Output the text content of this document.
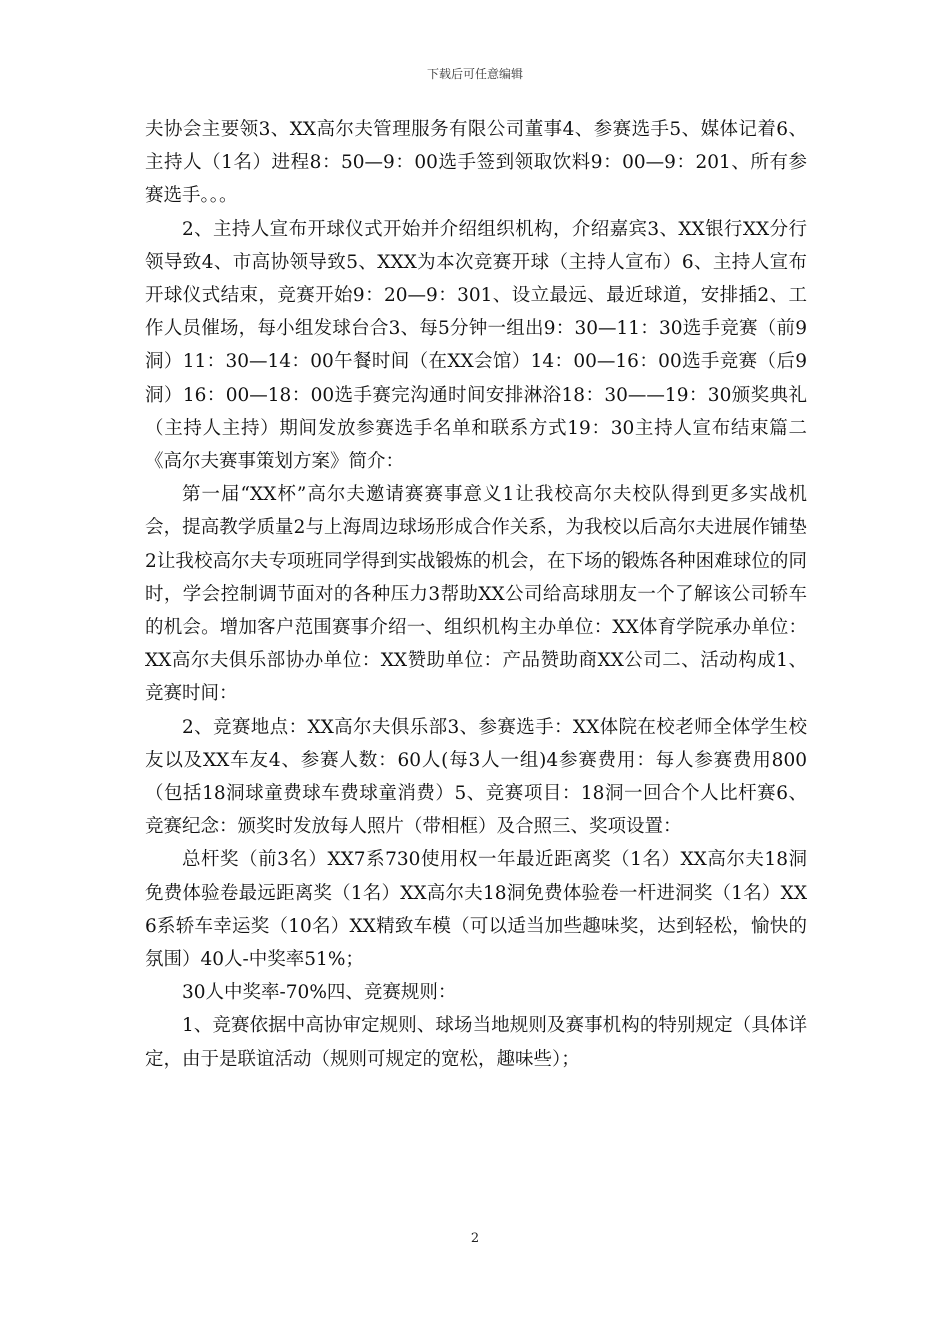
下载后可任意编辑

夫协会主要领3、XX高尔夫管理服务有限公司董事4、参赛选手5、媒体记着6、主持人（1名）进程8：50—9：00选手签到领取饮料9：00—9：201、所有参赛选手。。。

2、主持人宣布开球仪式开始并介绍组织机构，介绍嘉宾3、XX银行XX分行领导致4、市高协领导致5、XXX为本次竞赛开球（主持人宣布）6、主持人宣布开球仪式结束，竞赛开始9：20—9：301、设立最远、最近球道，安排插2、工作人员催场，每小组发球台合3、每5分钟一组出9：30—11：30选手竞赛（前9洞）11：30—14：00午餐时间（在XX会馆）14：00—16：00选手竞赛（后9洞）16：00—18：00选手赛完沟通时间安排淋浴18：30——19：30颁奖典礼（主持人主持）期间发放参赛选手名单和联系方式19：30主持人宣布结束篇二《高尔夫赛事策划方案》简介：

第一届“XX杯”高尔夫邀请赛赛事意义1让我校高尔夫校队得到更多实战机会，提高教学质量2与上海周边球场形成合作关系，为我校以后高尔夫进展作铺垫2让我校高尔夫专项班同学得到实战锻炼的机会，在下场的锻炼各种困难球位的同时，学会控制调节面对的各种压力3帮助XX公司给高球朋友一个了解该公司轿车的机会。增加客户范围赛事介绍一、组织机构主办单位：XX体育学院承办单位：XX高尔夫俱乐部协办单位：XX赞助单位：产品赞助商XX公司二、活动构成1、竞赛时间：

2、竞赛地点：XX高尔夫俱乐部3、参赛选手：XX体院在校老师全体学生校友以及XX车友4、参赛人数：60人(每3人一组)4参赛费用：每人参赛费用800（包括18洞球童费球车费球童消费）5、竞赛项目：18洞一回合个人比杆赛6、竞赛纪念：颁奖时发放每人照片（带相框）及合照三、奖项设置：

总杆奖（前3名）XX7系730使用权一年最近距离奖（1名）XX高尔夫18洞免费体验卷最远距离奖（1名）XX高尔夫18洞免费体验卷一杆进洞奖（1名）XX6系轿车幸运奖（10名）XX精致车模（可以适当加些趣味奖，达到轻松，愉快的氛围）40人-中奖率51%；

30人中奖率-70%四、竞赛规则：

1、竞赛依据中高协审定规则、球场当地规则及赛事机构的特别规定（具体详定，由于是联谊活动（规则可规定的宽松，趣味些）；

2
